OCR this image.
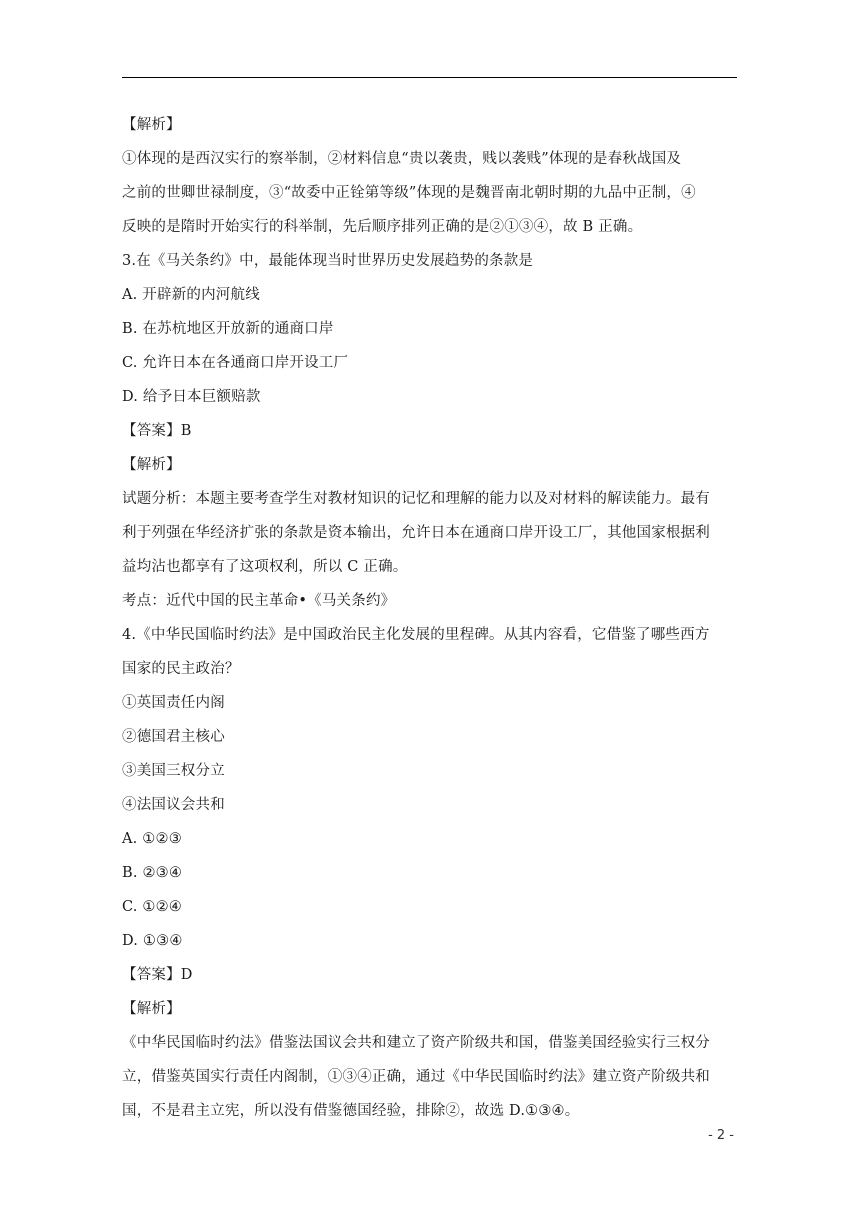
【解析】
①体现的是西汉实行的察举制，②材料信息“贵以袭贵，贱以袭贱”体现的是春秋战国及
之前的世卿世禄制度，③“故委中正铨第等级”体现的是魏晋南北朝时期的九品中正制，④
反映的是隋时开始实行的科举制，先后顺序排列正确的是②①③④，故 B 正确。
3.在《马关条约》中，最能体现当时世界历史发展趋势的条款是
A. 开辟新的内河航线
B. 在苏杭地区开放新的通商口岸
C. 允许日本在各通商口岸开设工厂
D. 给予日本巨额赔款
【答案】B
【解析】
试题分析：本题主要考查学生对教材知识的记忆和理解的能力以及对材料的解读能力。最有
利于列强在华经济扩张的条款是资本输出，允许日本在通商口岸开设工厂，其他国家根据利
益均沾也都享有了这项权利，所以 C 正确。
考点：近代中国的民主革命•《马关条约》
4.《中华民国临时约法》是中国政治民主化发展的里程碑。从其内容看，它借鉴了哪些西方
国家的民主政治？
①英国责任内阁
②德国君主核心
③美国三权分立
④法国议会共和
A. ①②③
B. ②③④
C. ①②④
D. ①③④
【答案】D
【解析】
《中华民国临时约法》借鉴法国议会共和建立了资产阶级共和国，借鉴美国经验实行三权分
立，借鉴英国实行责任内阁制，①③④正确，通过《中华民国临时约法》建立资产阶级共和
国，不是君主立宪，所以没有借鉴德国经验，排除②，故选 D.①③④。
- 2 -
